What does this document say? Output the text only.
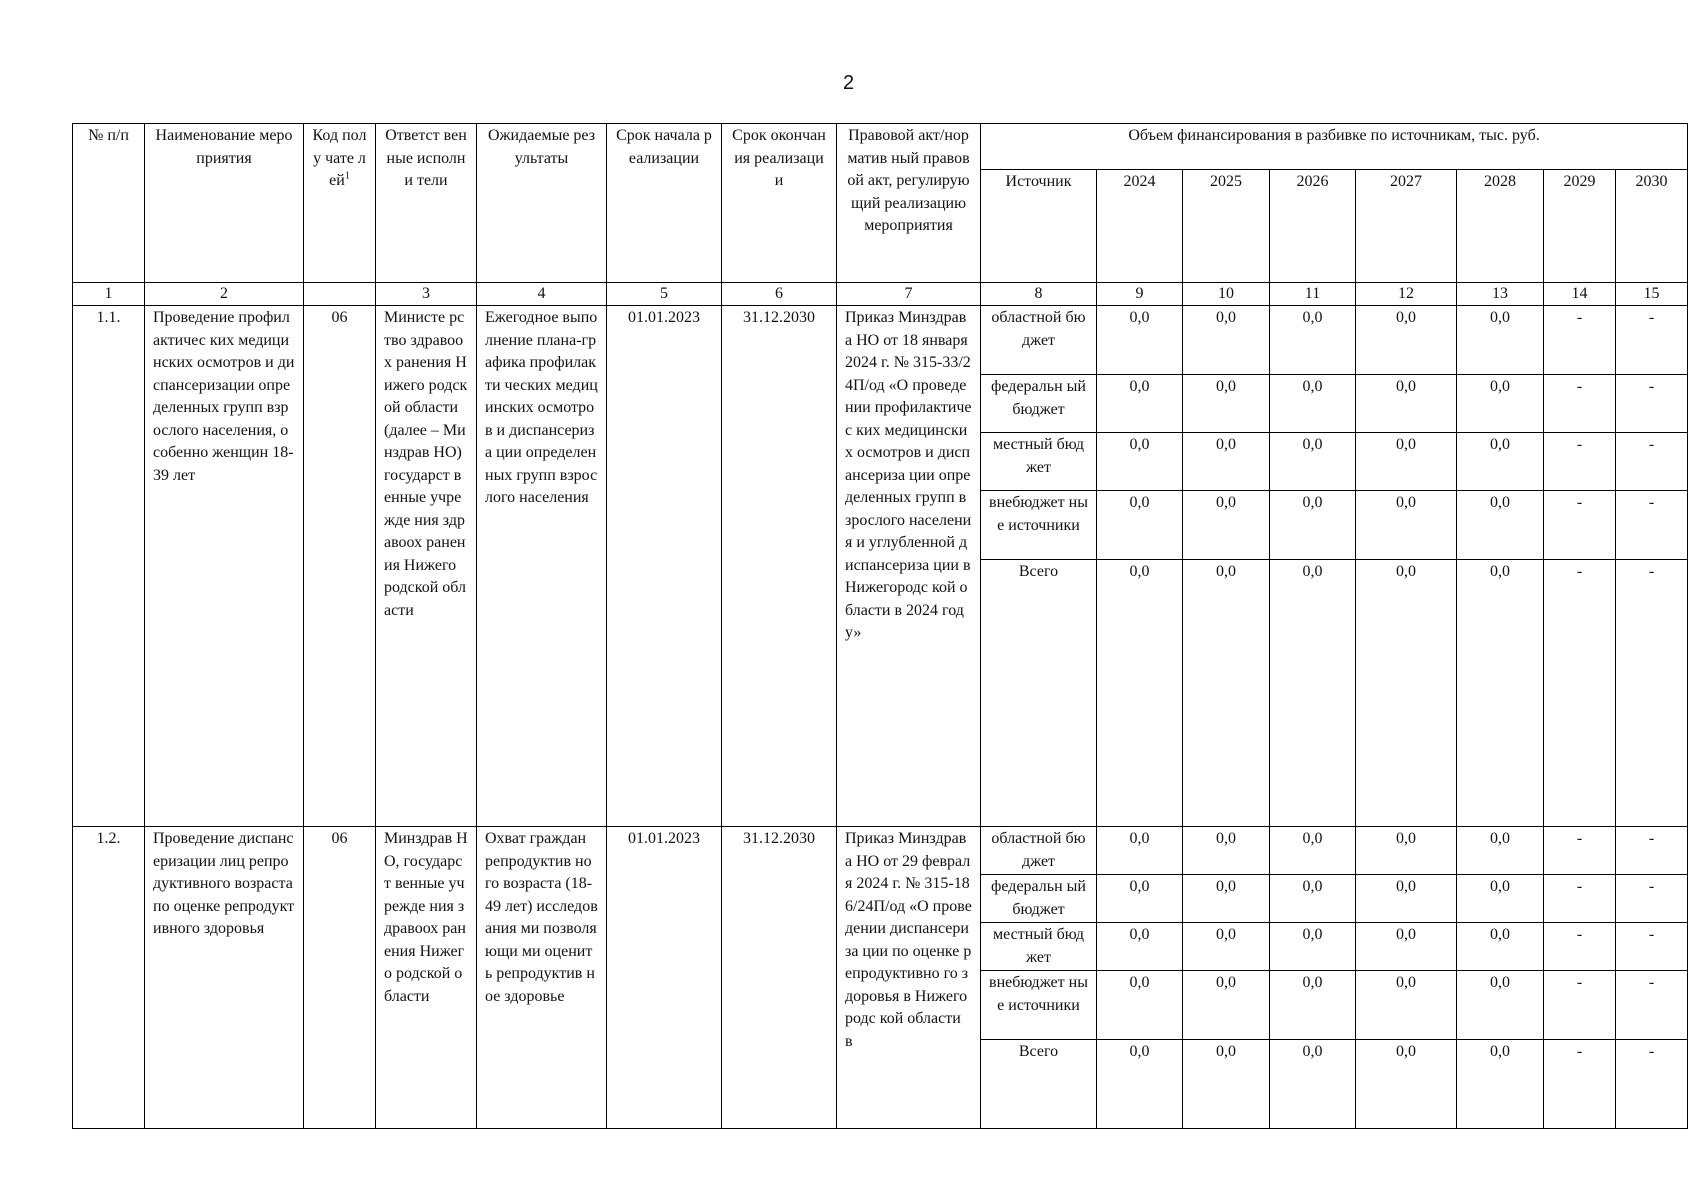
2
№ п/п	Наименование мероприятия	Код полу чате лей$^1$	Ответст венные исполни тели	Ожидаемые результаты	Срок начала реализации	Срок окончания реализации	Правовой акт/норматив ный правовой акт, регулирующий реализацию мероприятия	Объем финансирования в разбивке по источникам, тыс. руб.							
								Источник	2024	2025	2026	2027	2028	2029	2030
1	2		3	4	5	6	7	8	9	10	11	12	13	14	15
1.1.	Проведение профилактичес ких медицинских осмотров и диспансеризации определенных групп взрослого населения, особенно женщин 18-39 лет	06	Министе рство здравоох ранения Нижего родской области (далее – Минздрав НО) государст венные учрежде ния здравоох ранения Нижего родской области	Ежегодное выполнение плана-графика профилакти ческих медицинских осмотров и диспансериза ции определен ных групп взрослого населения	01.01.2023	31.12.2030	Приказ Минздрава НО от 18 января 2024 г. № 315-33/24П/од «О проведении профилактичес ких медицинских осмотров и диспансериза ции определенных групп взрослого населения и углубленной диспансериза ции в Нижегородс кой области в 2024 году»	областной бюджет	0,0	0,0	0,0	0,0	0,0	-	-
								федеральн ый бюджет	0,0	0,0	0,0	0,0	0,0	-	-
								местный бюджет	0,0	0,0	0,0	0,0	0,0	-	-
								внебюджет ные источники	0,0	0,0	0,0	0,0	0,0	-	-
								Всего	0,0	0,0	0,0	0,0	0,0	-	-
1.2.	Проведение диспансеризации лиц репродуктивного возраста по оценке репродуктивного здоровья	06	Минздрав НО, государст венные учрежде ния здравоох ранения Нижего родской области	Охват граждан репродуктив ного возраста (18-49 лет) исследования ми позволяющи ми оценить репродуктив ное здоровье	01.01.2023	31.12.2030	Приказ Минздрава НО от 29 февраля 2024 г. № 315-186/24П/од «О проведении диспансериза ции по оценке репродуктивно го здоровья в Нижегородс кой области в	областной бюджет	0,0	0,0	0,0	0,0	0,0	-	-
								федеральн ый бюджет	0,0	0,0	0,0	0,0	0,0	-	-
								местный бюджет	0,0	0,0	0,0	0,0	0,0	-	-
								внебюджет ные источники	0,0	0,0	0,0	0,0	0,0	-	-
								Всего	0,0	0,0	0,0	0,0	0,0	-	-
